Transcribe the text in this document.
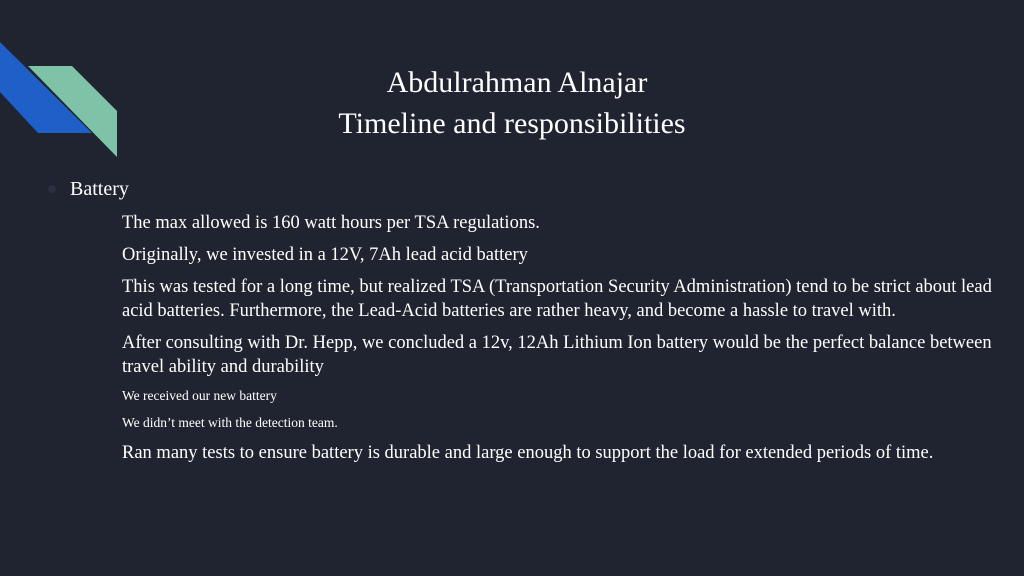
Abdulrahman Alnajar
Timeline and responsibilities
Battery
The max allowed is 160 watt hours per TSA regulations.
Originally, we invested in a 12V, 7Ah lead acid battery
This was tested for a long time, but realized TSA (Transportation Security Administration) tend to be strict about lead acid batteries. Furthermore, the Lead-Acid batteries are rather heavy, and become a hassle to travel with.
After consulting with Dr. Hepp, we concluded a 12v, 12Ah Lithium Ion battery would be the perfect balance between travel ability and durability
We received our new battery
We didn’t meet with the detection team.
Ran many tests to ensure battery is durable and large enough to support the load for extended periods of time.
